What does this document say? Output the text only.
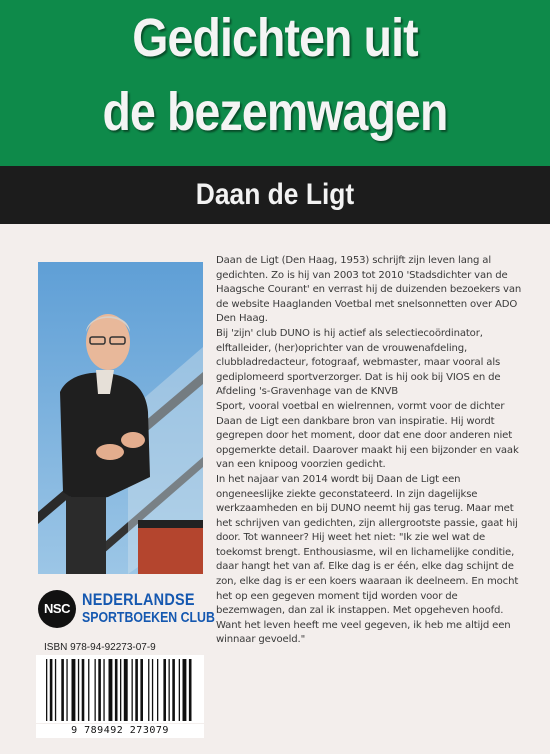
Gedichten uit
de bezemwagen
Daan de Ligt

Daan de Ligt (Den Haag, 1953) schrijft zijn leven lang al gedichten. Zo is hij van 2003 tot 2010 'Stadsdichter van de Haagsche Courant' en verrast hij de duizenden bezoekers van de website Haaglanden Voetbal met snelsonnetten over ADO Den Haag.

Bij 'zijn' club DUNO is hij actief als selectiecoördinator, elftalleider, (her)oprichter van de vrouwenafdeling, clubbladredacteur, fotograaf, webmaster, maar vooral als gediplomeerd sportverzorger. Dat is hij ook bij VIOS en de Afdeling 's-Gravenhage van de KNVB

Sport, vooral voetbal en wielrennen, vormt voor de dichter Daan de Ligt een dankbare bron van inspiratie. Hij wordt gegrepen door het moment, door dat ene door anderen niet opgemerkte detail. Daarover maakt hij een bijzonder en vaak van een knipoog voorzien gedicht.

In het najaar van 2014 wordt bij Daan de Ligt een ongeneeslijke ziekte geconstateerd. In zijn dagelijkse werkzaamheden en bij DUNO neemt hij gas terug. Maar met het schrijven van gedichten, zijn allergrootste passie, gaat hij door. Tot wanneer? Hij weet het niet: "Ik zie wel wat de toekomst brengt. Enthousiasme, wil en lichamelijke conditie, daar hangt het van af. Elke dag is er één, elke dag schijnt de zon, elke dag is er een koers waaraan ik deelneem. En mocht het op een gegeven moment tijd worden voor de bezemwagen, dan zal ik instappen. Met opgeheven hoofd. Want het leven heeft me veel gegeven, ik heb me altijd een winnaar gevoeld."

NSC NEDERLANDSE
SPORTBOEKEN CLUB
ISBN 978-94-92273-07-9
9 789492 273079
